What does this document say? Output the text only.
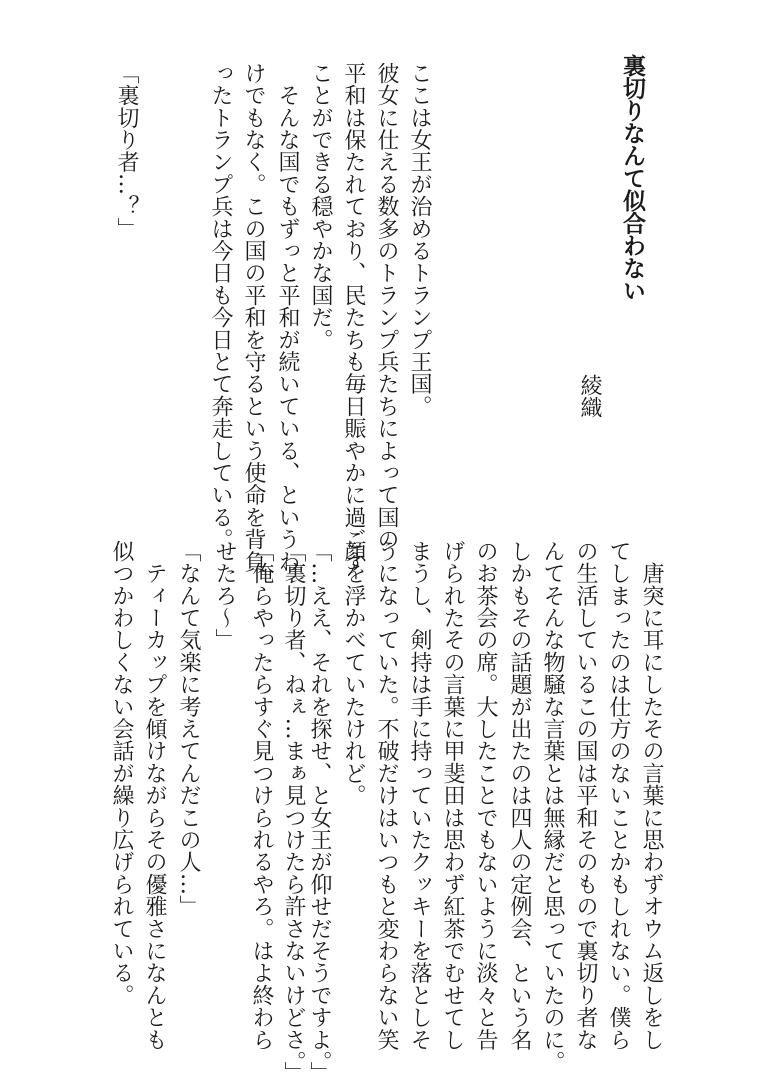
裏切りなんて似合わない
綾織
ここは女王が治めるトランプ王国。
彼女に仕える数多のトランプ兵たちによって国の
平和は保たれており、民たちも毎日賑やかに過ごす
ことができる穏やかな国だ。
　そんな国でもずっと平和が続いている、というわ
けでもなく。この国の平和を守るという使命を背負
ったトランプ兵は今日も今日とて奔走している。
「裏切り者…？」
　唐突に耳にしたその言葉に思わずオウム返しをし
てしまったのは仕方のないことかもしれない。僕ら
の生活しているこの国は平和そのもので裏切り者な
んてそんな物騒な言葉とは無縁だと思っていたのに。
しかもその話題が出たのは四人の定例会、という名
のお茶会の席。大したことでもないように淡々と告
げられたその言葉に甲斐田は思わず紅茶でむせてし
まうし、剣持は手に持っていたクッキーを落としそ
うになっていた。不破だけはいつもと変わらない笑
顔を浮かべていたけれど。
「…ええ、それを探せ、と女王が仰せだそうですよ。」
「裏切り者、ねぇ…まぁ見つけたら許さないけどさ。」
「俺らやったらすぐ見つけられるやろ。はよ終わら
せたろ〜」
「なんて気楽に考えてんだこの人…」
　ティーカップを傾けながらその優雅さになんとも
似つかわしくない会話が繰り広げられている。
